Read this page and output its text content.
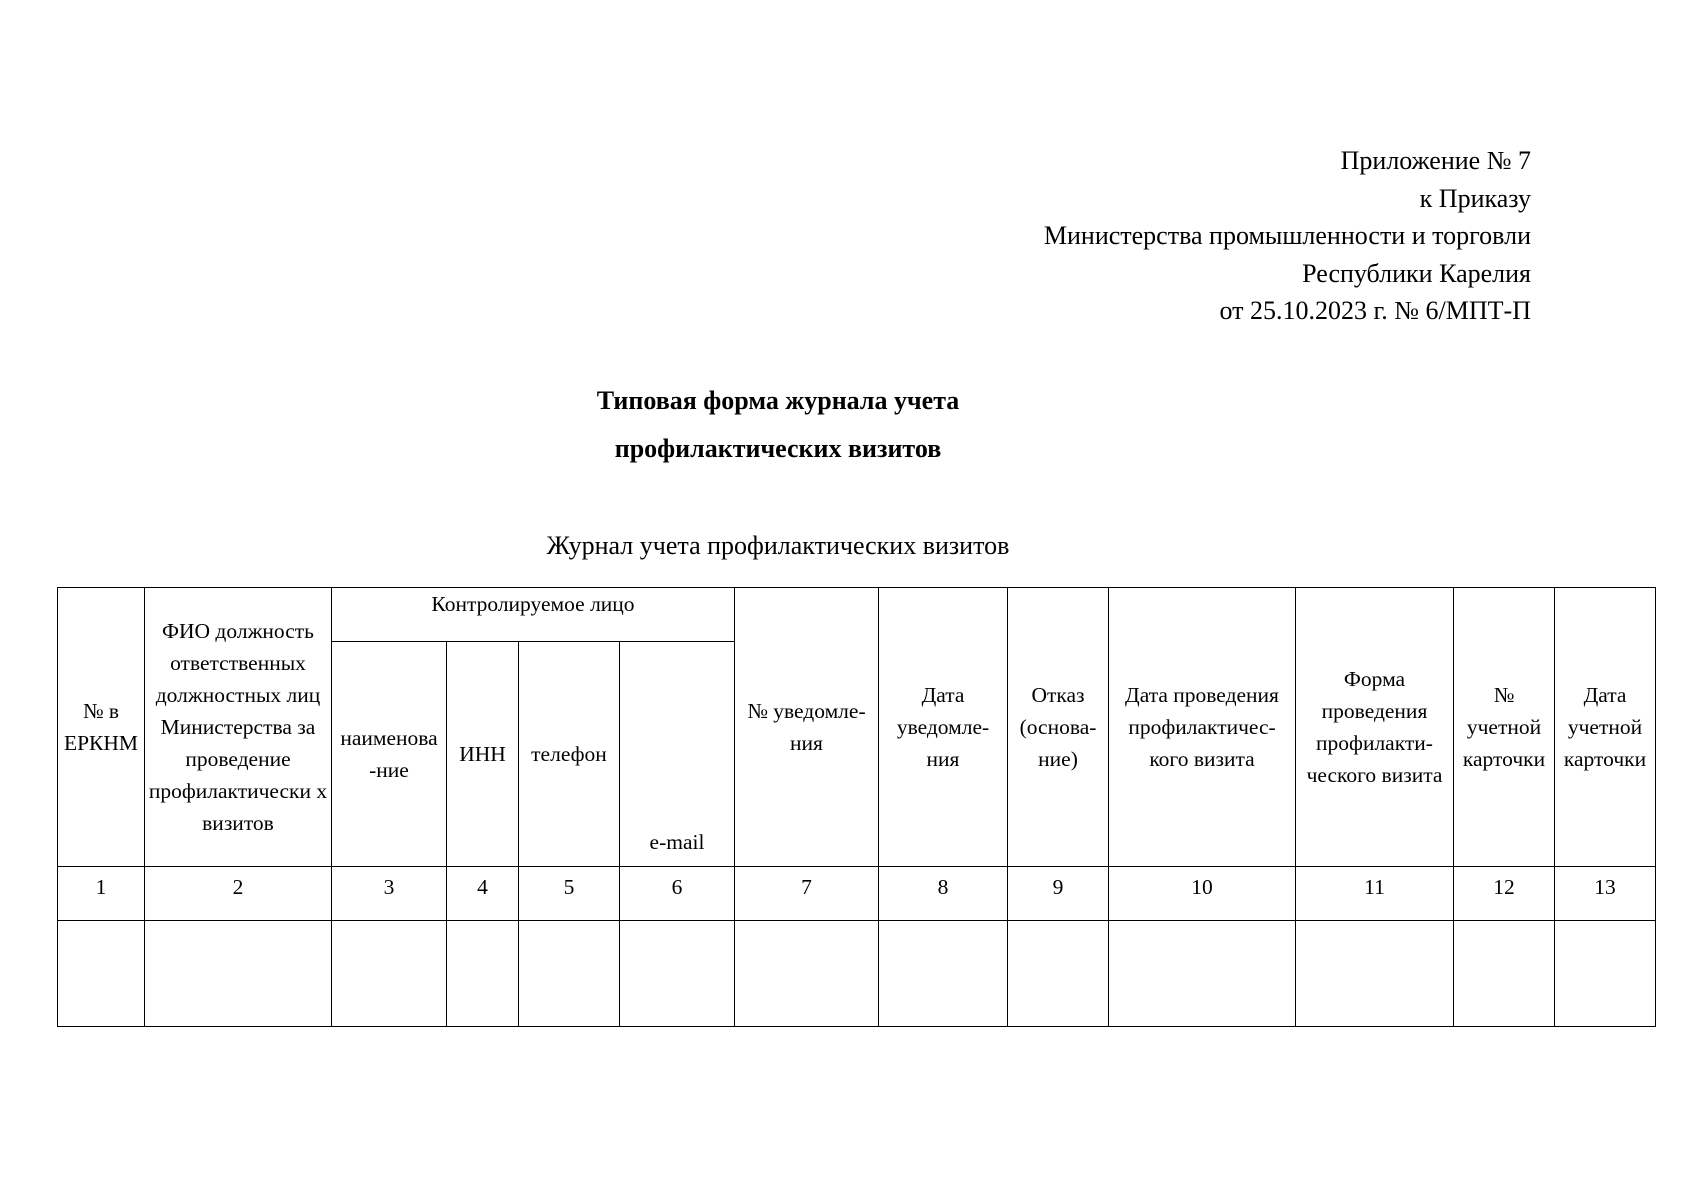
Приложение № 7
к Приказу
Министерства промышленности и торговли
Республики Карелия
от 25.10.2023 г. № 6/МПТ-П
Типовая форма журнала учета
профилактических визитов
Журнал учета профилактических визитов
№ в ЕРКНМ	ФИО должность ответственных должностных лиц Министерства за проведение профилактически х визитов	Контролируемое лицо				№ уведомле- ния	Дата уведомле- ния	Отказ (основа- ние)	Дата проведения профилактичес- кого визита	Форма проведения профилакти- ческого визита	№ учетной карточки	Дата учетной карточки
		наименова -ние	ИНН	телефон	e-mail							
1	2	3	4	5	6	7	8	9	10	11	12	13
